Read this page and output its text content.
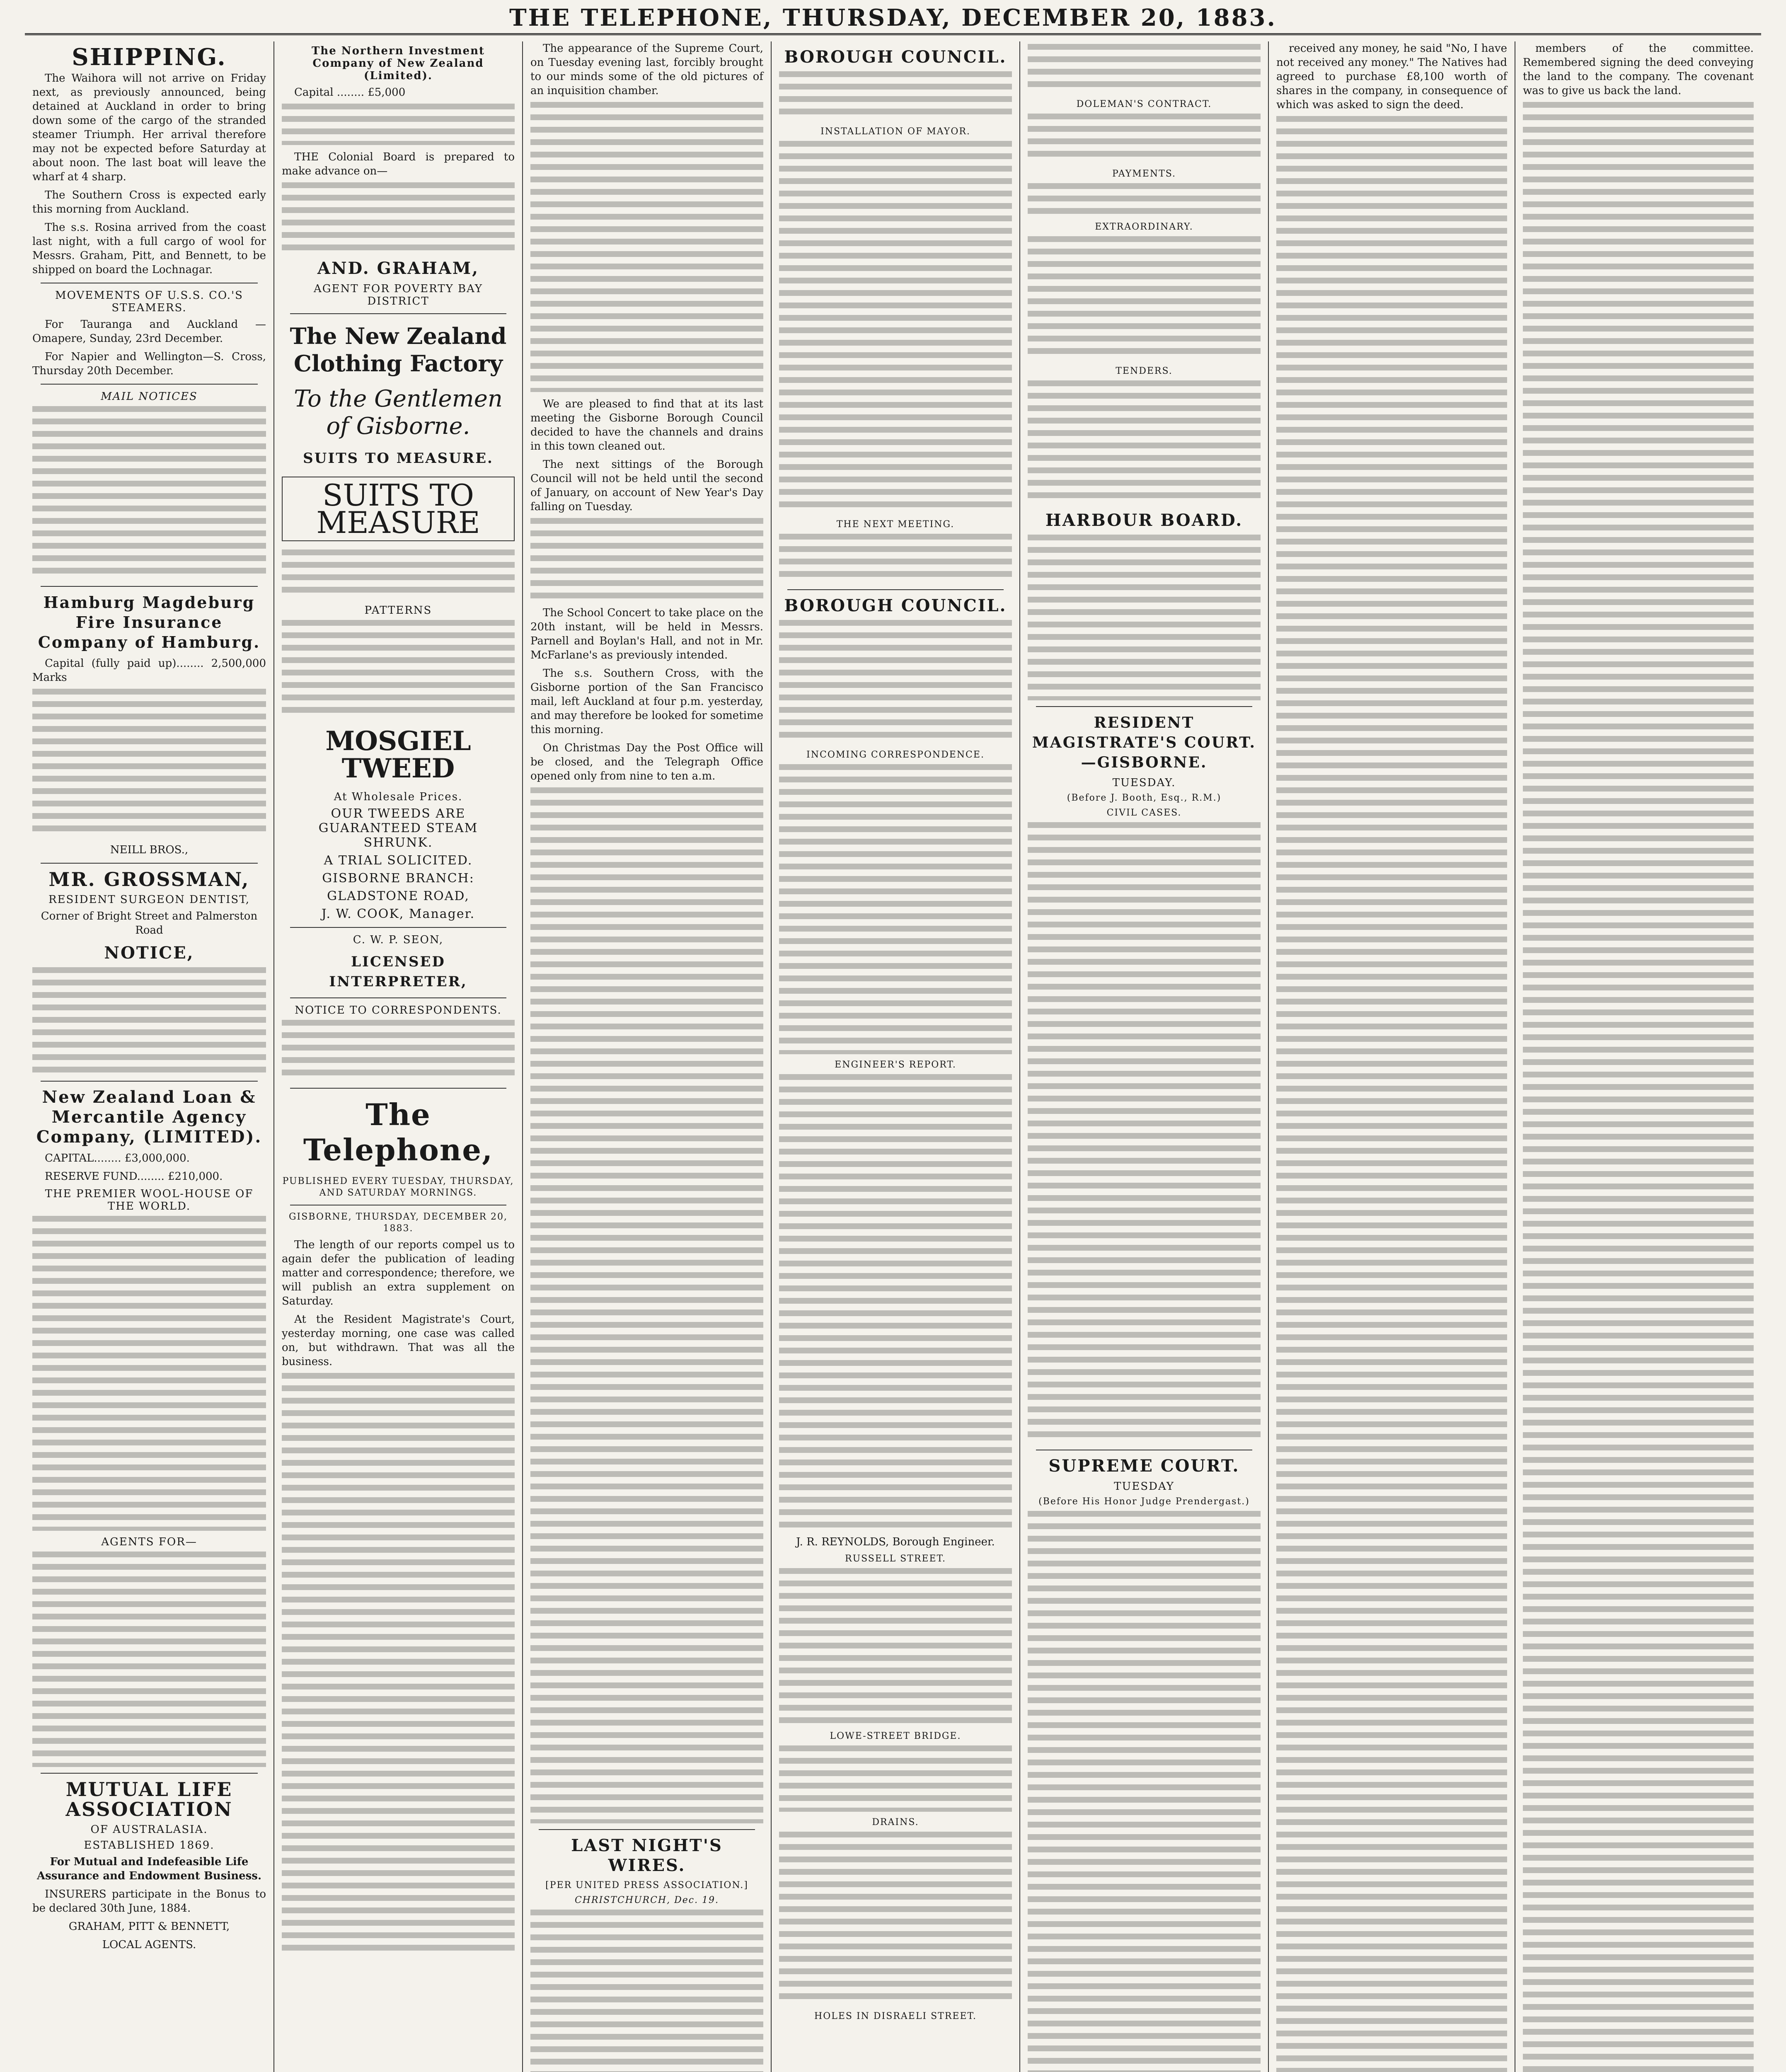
THE TELEPHONE, THURSDAY, DECEMBER 20, 1883.
SHIPPING.

The Waihora will not arrive on Friday next, as previously announced, being detained at Auckland in order to bring down some of the cargo of the stranded steamer Triumph. Her arrival therefore may not be expected before Saturday at about noon. The last boat will leave the wharf at 4 sharp.

The Southern Cross is expected early this morning from Auckland.

The s.s. Rosina arrived from the coast last night, with a full cargo of wool for Messrs. Graham, Pitt, and Bennett, to be shipped on board the Lochnagar.

MOVEMENTS OF U.S.S. CO.'S STEAMERS.

For Tauranga and Auckland — Omapere, Sunday, 23rd December.

For Napier and Wellington—S. Cross, Thursday 20th December.

MAIL NOTICES
Hamburg Magdeburg Fire Insurance Company of Hamburg.

Capital (fully paid up)........ 2,500,000 Marks

NEILL BROS.,

MR. GROSSMAN,
RESIDENT SURGEON DENTIST,

Corner of Bright Street and Palmerston Road

NOTICE,
New Zealand Loan & Mercantile Agency Company, (LIMITED).

CAPITAL........ £3,000,000.

RESERVE FUND........ £210,000.

THE PREMIER WOOL-HOUSE OF THE WORLD.
AGENTS FOR—
MUTUAL LIFE ASSOCIATION
OF AUSTRALASIA.
ESTABLISHED 1869.

For Mutual and Indefeasible Life Assurance and Endowment Business.

INSURERS participate in the Bonus to be declared 30th June, 1884.

GRAHAM, PITT & BENNETT,

LOCAL AGENTS.

The Northern Investment Company of New Zealand (Limited).

Capital ........ £5,000

THE Colonial Board is prepared to make advance on—

AND. GRAHAM,
AGENT FOR POVERTY BAY DISTRICT
The New Zealand Clothing Factory
To the Gentlemen of Gisborne.
SUITS TO MEASURE.
SUITS TO MEASURE
PATTERNS
MOSGIEL TWEED
At Wholesale Prices.
OUR TWEEDS ARE GUARANTEED STEAM SHRUNK.
A TRIAL SOLICITED.
GISBORNE BRANCH:
GLADSTONE ROAD,
J. W. COOK, Manager.
C. W. P. SEON,
LICENSED INTERPRETER,
NOTICE TO CORRESPONDENTS.
The Telephone,
PUBLISHED EVERY TUESDAY, THURSDAY, AND SATURDAY MORNINGS.
GISBORNE, THURSDAY, DECEMBER 20, 1883.

The length of our reports compel us to again defer the publication of leading matter and correspondence; therefore, we will publish an extra supplement on Saturday.

At the Resident Magistrate's Court, yesterday morning, one case was called on, but withdrawn. That was all the business.

The appearance of the Supreme Court, on Tuesday evening last, forcibly brought to our minds some of the old pictures of an inquisition chamber.

We are pleased to find that at its last meeting the Gisborne Borough Council decided to have the channels and drains in this town cleaned out.

The next sittings of the Borough Council will not be held until the second of January, on account of New Year's Day falling on Tuesday.

The School Concert to take place on the 20th instant, will be held in Messrs. Parnell and Boylan's Hall, and not in Mr. McFarlane's as previously intended.

The s.s. Southern Cross, with the Gisborne portion of the San Francisco mail, left Auckland at four p.m. yesterday, and may therefore be looked for sometime this morning.

On Christmas Day the Post Office will be closed, and the Telegraph Office opened only from nine to ten a.m.

LAST NIGHT'S WIRES.
[PER UNITED PRESS ASSOCIATION.]
CHRISTCHURCH, Dec. 19.
BOROUGH COUNCIL.
INSTALLATION OF MAYOR.
THE NEXT MEETING.
BOROUGH COUNCIL.
INCOMING CORRESPONDENCE.
ENGINEER'S REPORT.

J. R. REYNOLDS, Borough Engineer.

RUSSELL STREET.
LOWE-STREET BRIDGE.
DRAINS.
HOLES IN DISRAELI STREET.
DOLEMAN'S CONTRACT.
PAYMENTS.
EXTRAORDINARY.
TENDERS.
HARBOUR BOARD.
RESIDENT MAGISTRATE'S COURT.—GISBORNE.
TUESDAY.
(Before J. Booth, Esq., R.M.)
CIVIL CASES.
SUPREME COURT.
TUESDAY
(Before His Honor Judge Prendergast.)

received any money, he said "No, I have not received any money." The Natives had agreed to purchase £8,100 worth of shares in the company, in consequence of which was asked to sign the deed.

members of the committee. Remembered signing the deed conveying the land to the company. The covenant was to give us back the land.
